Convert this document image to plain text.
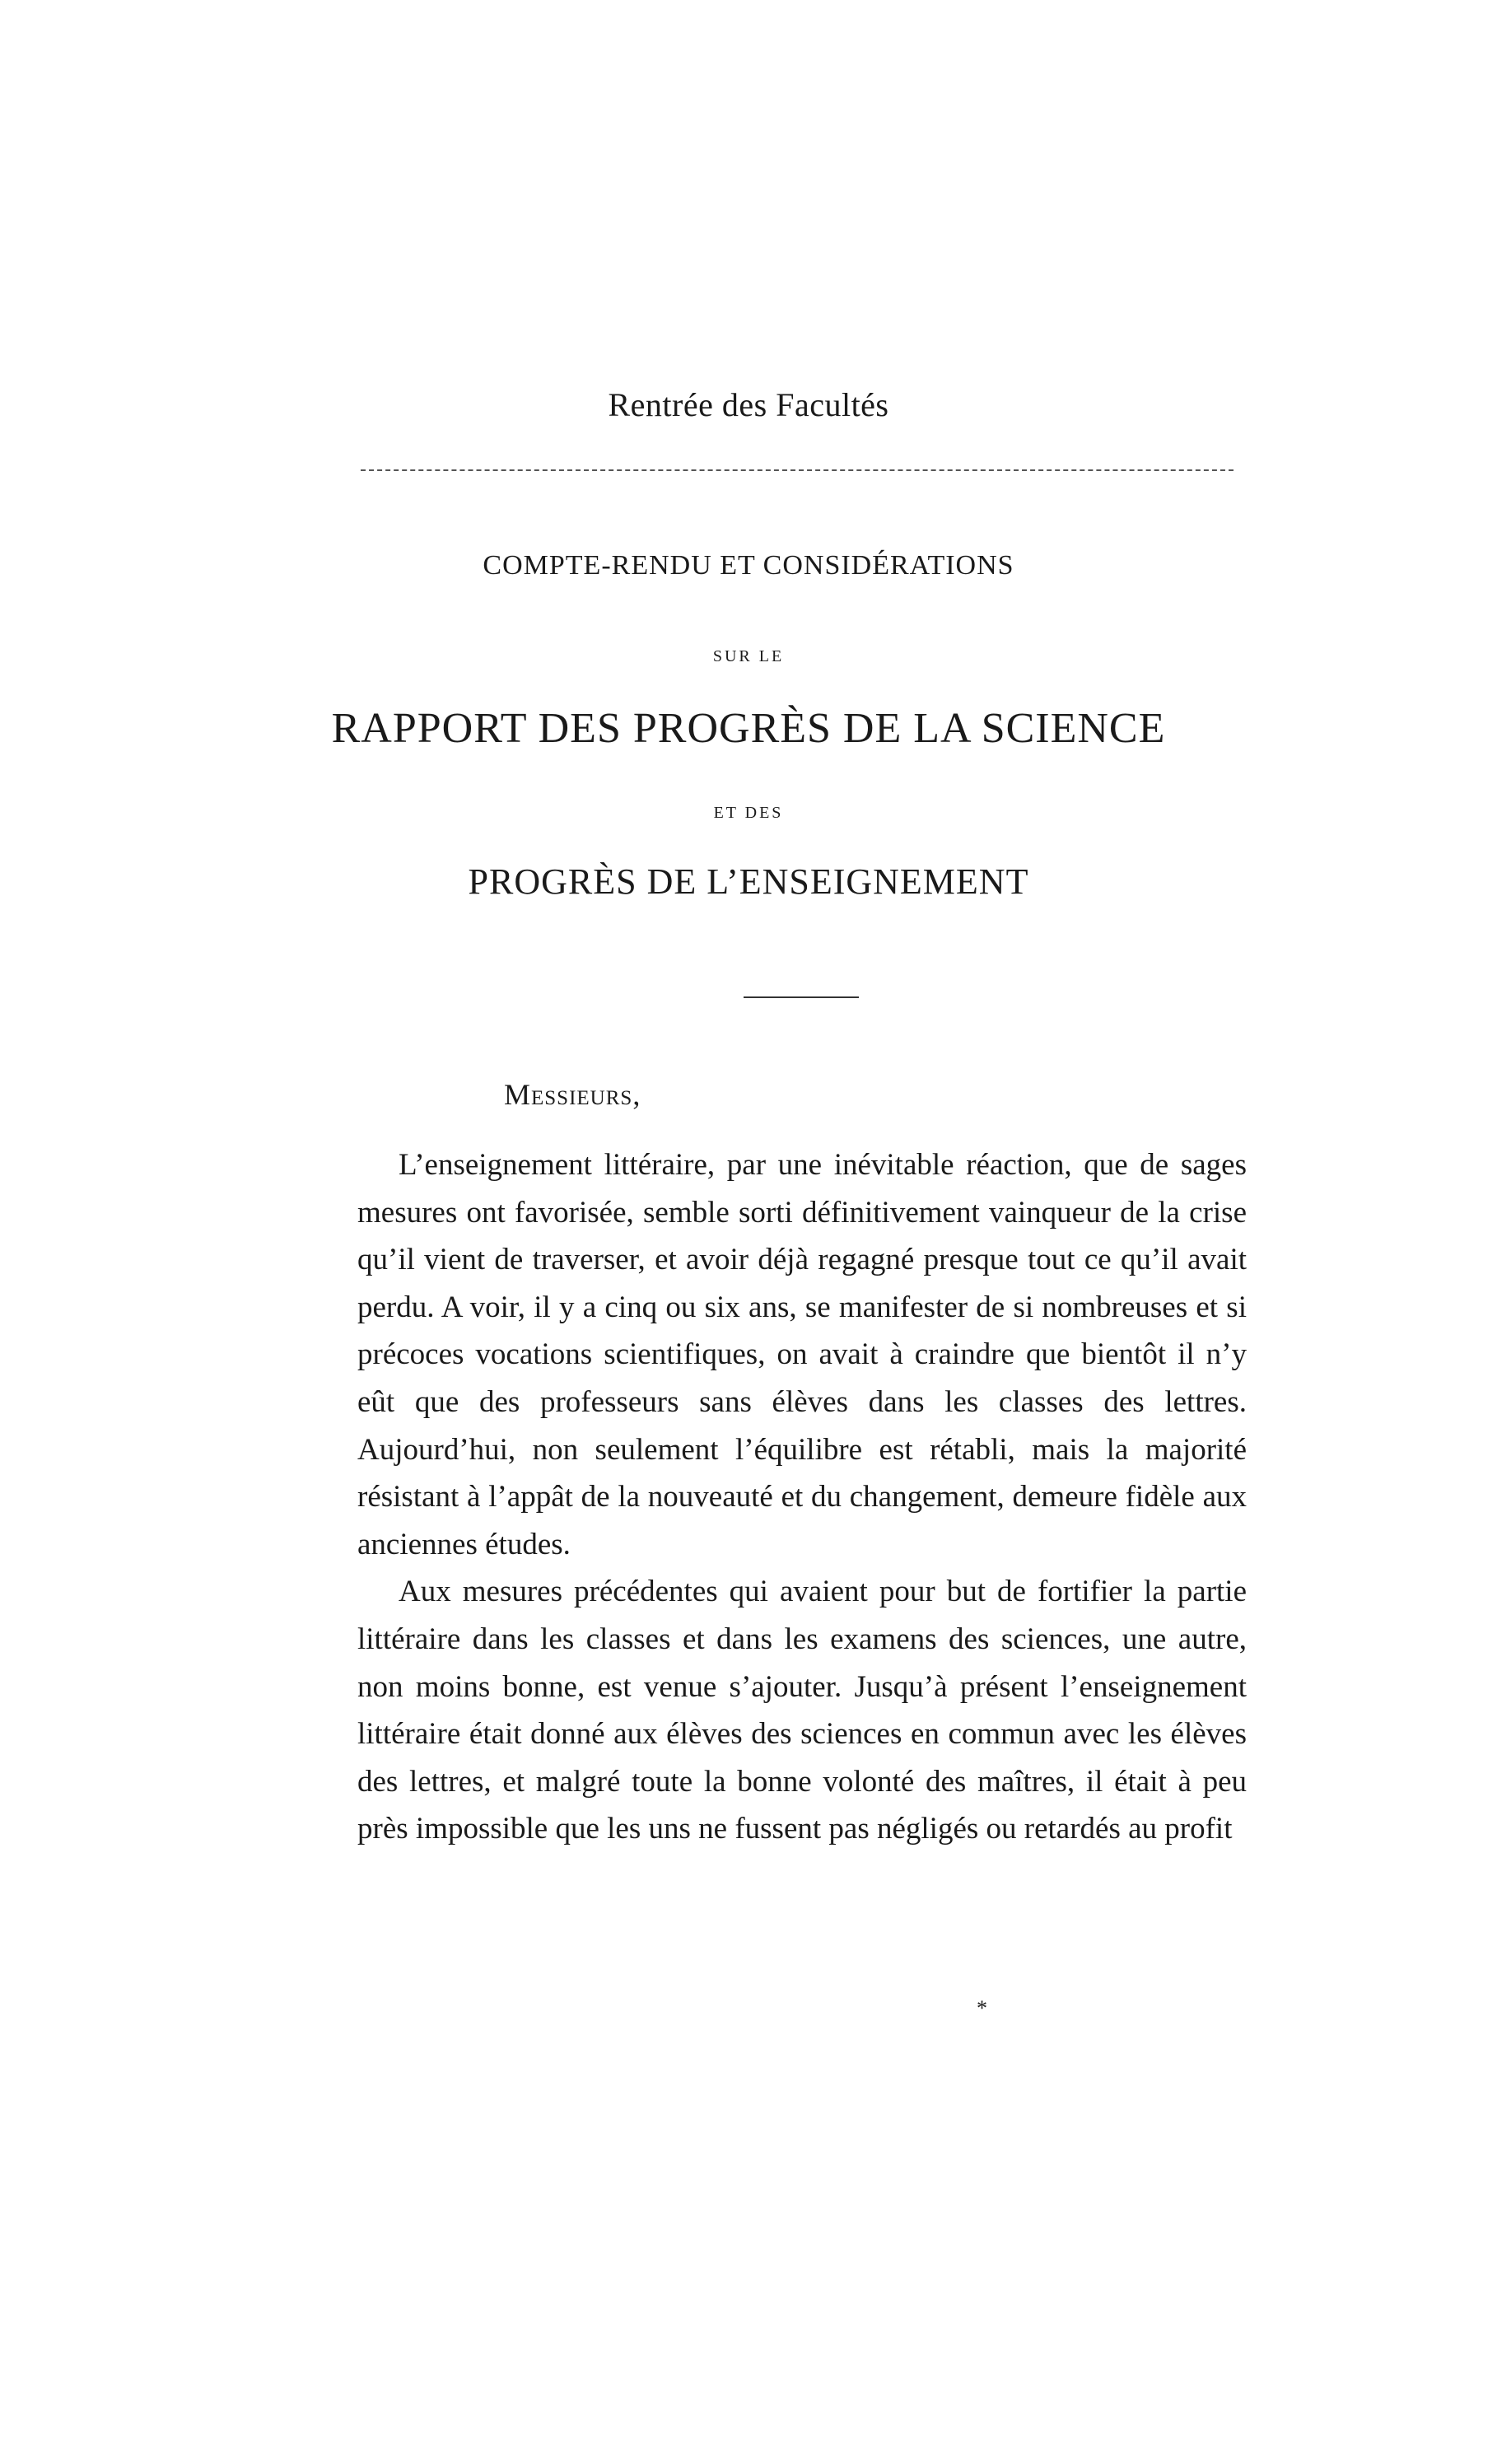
Rentrée des Facultés
COMPTE-RENDU ET CONSIDÉRATIONS
SUR LE
RAPPORT DES PROGRÈS DE LA SCIENCE
ET DES
PROGRÈS DE L’ENSEIGNEMENT
Messieurs,

L’enseignement littéraire, par une inévitable réaction, que de sages mesures ont favorisée, semble sorti définitivement vainqueur de la crise qu’il vient de traverser, et avoir déjà regagné presque tout ce qu’il avait perdu. A voir, il y a cinq ou six ans, se manifester de si nombreuses et si précoces vocations scientifiques, on avait à craindre que bientôt il n’y eût que des professeurs sans élèves dans les classes des lettres. Aujourd’hui, non seulement l’équilibre est rétabli, mais la majorité résistant à l’appât de la nouveauté et du changement, demeure fidèle aux anciennes études.

Aux mesures précédentes qui avaient pour but de fortifier la partie littéraire dans les classes et dans les examens des sciences, une autre, non moins bonne, est venue s’ajouter. Jusqu’à présent l’enseignement littéraire était donné aux élèves des sciences en commun avec les élèves des lettres, et malgré toute la bonne volonté des maîtres, il était à peu près impossible que les uns ne fussent pas négligés ou retardés au profit

*
